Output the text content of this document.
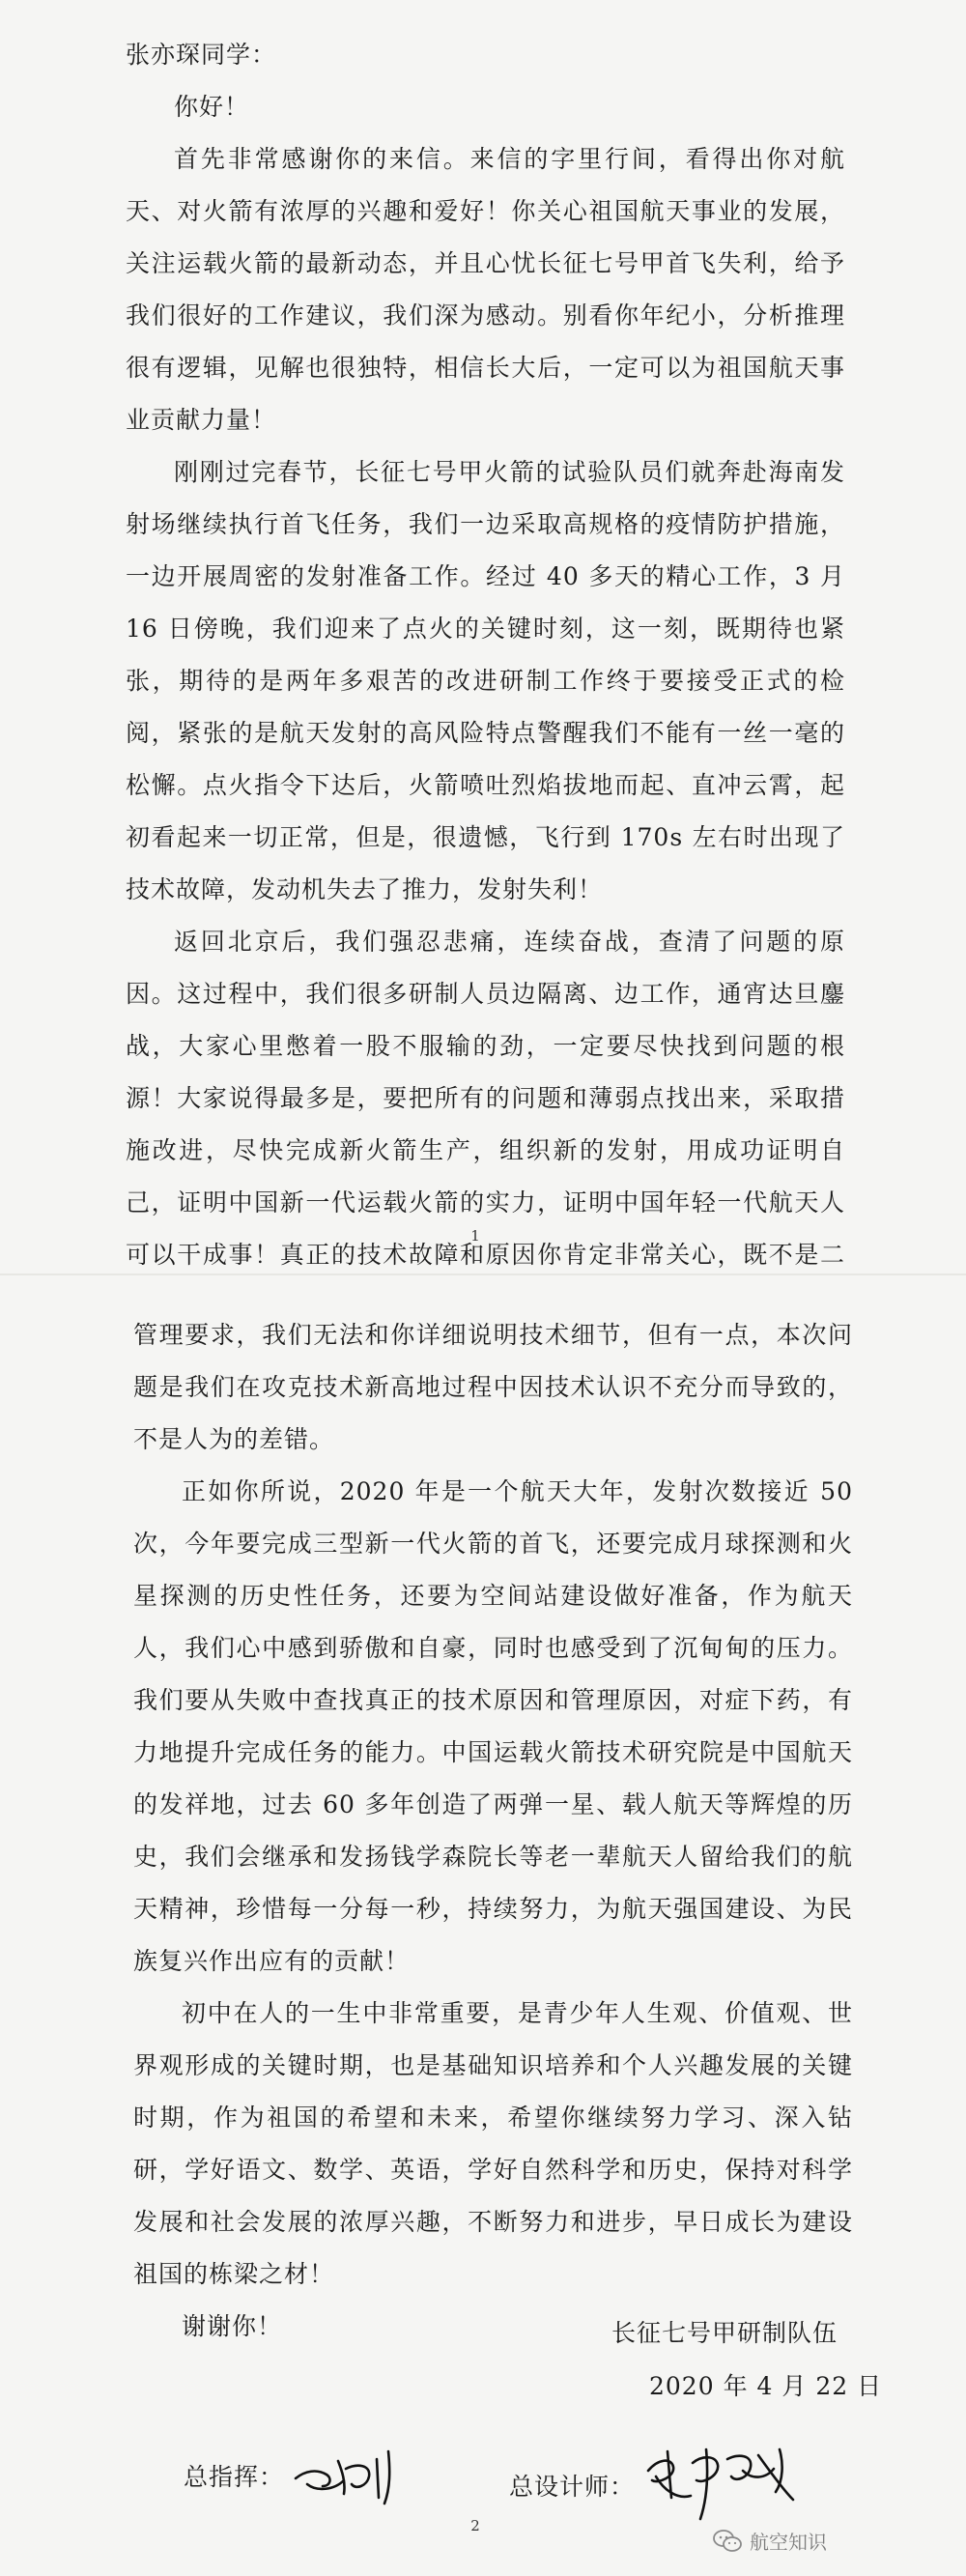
张亦琛同学：

你好！

首先非常感谢你的来信。来信的字里行间，看得出你对航天、对火箭有浓厚的兴趣和爱好！你关心祖国航天事业的发展，关注运载火箭的最新动态，并且心忧长征七号甲首飞失利，给予我们很好的工作建议，我们深为感动。别看你年纪小，分析推理很有逻辑，见解也很独特，相信长大后，一定可以为祖国航天事业贡献力量！

刚刚过完春节，长征七号甲火箭的试验队员们就奔赴海南发射场继续执行首飞任务，我们一边采取高规格的疫情防护措施，一边开展周密的发射准备工作。经过 40 多天的精心工作，3 月 16 日傍晚，我们迎来了点火的关键时刻，这一刻，既期待也紧张，期待的是两年多艰苦的改进研制工作终于要接受正式的检阅，紧张的是航天发射的高风险特点警醒我们不能有一丝一毫的松懈。点火指令下达后，火箭喷吐烈焰拔地而起、直冲云霄，起初看起来一切正常，但是，很遗憾，飞行到 170s 左右时出现了技术故障，发动机失去了推力，发射失利！

返回北京后，我们强忍悲痛，连续奋战，查清了问题的原因。这过程中，我们很多研制人员边隔离、边工作，通宵达旦鏖战，大家心里憋着一股不服输的劲，一定要尽快找到问题的根源！大家说得最多是，要把所有的问题和薄弱点找出来，采取措施改进，尽快完成新火箭生产，组织新的发射，用成功证明自己，证明中国新一代运载火箭的实力，证明中国年轻一代航天人可以干成事！真正的技术故障和原因你肯定非常关心，既不是二

1

管理要求，我们无法和你详细说明技术细节，但有一点，本次问题是我们在攻克技术新高地过程中因技术认识不充分而导致的，不是人为的差错。

正如你所说，2020 年是一个航天大年，发射次数接近 50 次，今年要完成三型新一代火箭的首飞，还要完成月球探测和火星探测的历史性任务，还要为空间站建设做好准备，作为航天人，我们心中感到骄傲和自豪，同时也感受到了沉甸甸的压力。我们要从失败中查找真正的技术原因和管理原因，对症下药，有力地提升完成任务的能力。中国运载火箭技术研究院是中国航天的发祥地，过去 60 多年创造了两弹一星、载人航天等辉煌的历史，我们会继承和发扬钱学森院长等老一辈航天人留给我们的航天精神，珍惜每一分每一秒，持续努力，为航天强国建设、为民族复兴作出应有的贡献！

初中在人的一生中非常重要，是青少年人生观、价值观、世界观形成的关键时期，也是基础知识培养和个人兴趣发展的关键时期，作为祖国的希望和未来，希望你继续努力学习、深入钻研，学好语文、数学、英语，学好自然科学和历史，保持对科学发展和社会发展的浓厚兴趣，不断努力和进步，早日成长为建设祖国的栋梁之材！

谢谢你！	长征七号甲研制队伍
2020 年 4 月 22 日
总指挥：	总设计师：
2
航空知识
